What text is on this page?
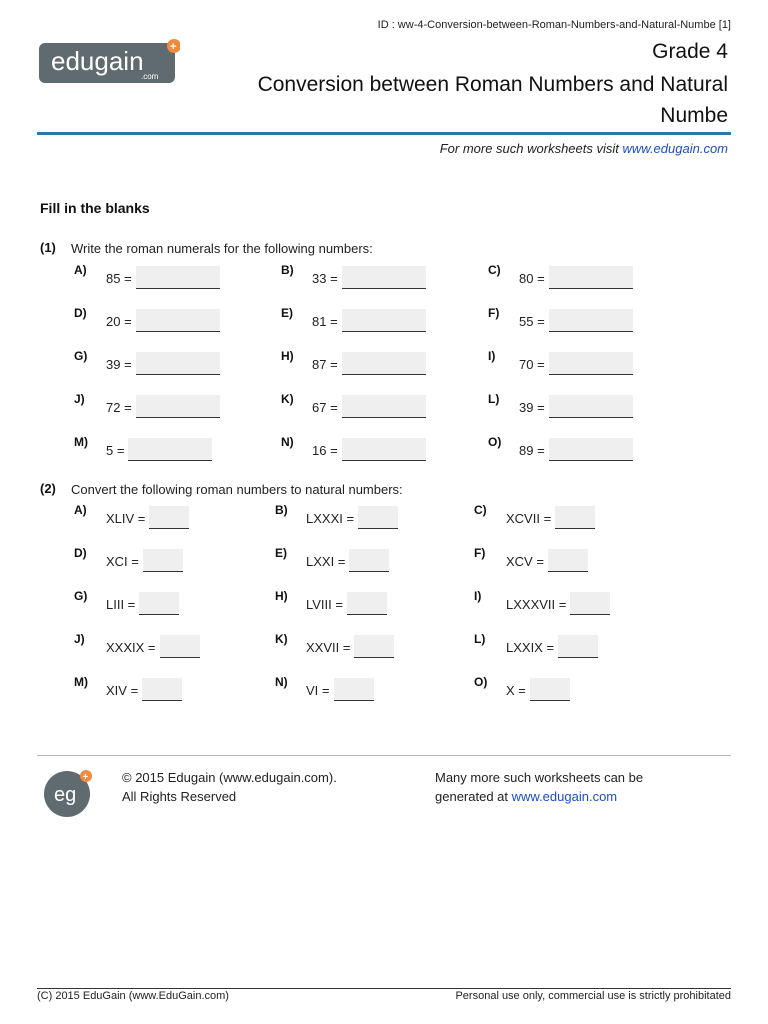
ID : ww-4-Conversion-between-Roman-Numbers-and-Natural-Numbe [1]
edugain
.com
+	Grade 4
Conversion between Roman Numbers and Natural Numbe
For more such worksheets visit www.edugain.com
Fill in the blanks
(1) Write the roman numerals for the following numbers:
(2) Convert the following roman numbers to natural numbers:
A)
85 =
B)
33 =
C)
80 =
D)
20 =
E)
81 =
F)
55 =
G)
39 =
H)
87 =
I)
70 =
J)
72 =
K)
67 =
L)
39 =
M)
5 =
N)
16 =
O)
89 =
A)
XLIV =
B)
LXXXI =
C)
XCVII =
D)
XCI =
E)
LXXI =
F)
XCV =
G)
LIII =
H)
LVIII =
I)
LXXXVII =
J)
XXXIX =
K)
XXVII =
L)
LXXIX =
M)
XIV =
N)
VI =
O)
X =
eg
+	© 2015 Edugain (www.edugain.com).
All Rights Reserved
Many more such worksheets can be
generated at www.edugain.com
(C) 2015 EduGain (www.EduGain.com)	Personal use only, commercial use is strictly prohibitated
